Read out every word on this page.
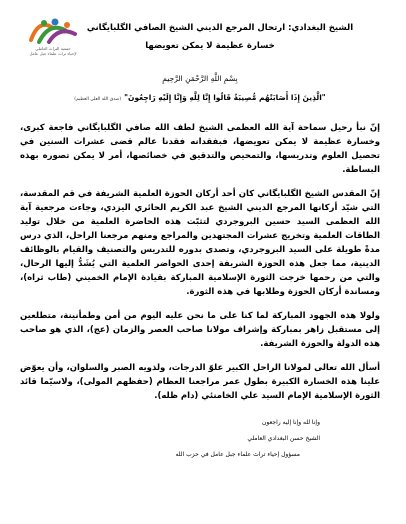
جمعية التراث العاملي
لإحياء تراث علماء جبل عامل
الشيخ البغدادي: ارتحال المرجع الديني الشيخ الصافي الگلبايگاني
خسارة عظيمة لا يمكن تعويضها
بِسْمِ اللَّهِ الرَّحْمَنِ الرَّحِيمِ
"الَّذِينَ إِذَا أَصَابَتْهُم مُّصِيبَةٌ قَالُوا إِنَّا لِلَّهِ وَإِنَّا إِلَيْهِ رَاجِعُونَ"(صدق الله العلي العظيم)

إنّ نبأ رحيل سماحة آية الله العظمى الشيخ لطف الله صافي الگلبايگاني فاجعة كبرى، وخسارة عظيمة لا يمكن تعويضها، فبفقدانه فقدنا عالم قضى عشرات السنين في تحصيل العلوم وتدريسها، والتمحيص والتدقيق في خصائصها، أمر لا يمكن تصوره بهذه البساطة.

إنّ المقدس الشيخ الگلبايگاني كان أحد أركان الحوزة العلمية الشريفة في قم المقدسة، التي شيّد أركانها المرجع الديني الشيخ عبد الكريم الحائري اليزدي، وجاءت مرجعية آية الله العظمى السيد حسين البروجردي لتثبّت هذه الحاضرة العلمية من خلال توليد الطاقات العلمية وتخريج عشرات المجتهدين والمراجع ومنهم مرجعنا الراحل، الذي درس مدةً طويلة على السيد البروجردي، وتصدى بدوره للتدريس والتصنيف والقيام بالوظائف الدينية، مما جعل هذه الحوزة الشريفة إحدى الحواضر العلمية التي يُشَدُّ إليها الرحال، والتي من رحمها خرجت الثورة الإسلامية المباركة بقيادة الإمام الخميني (طاب ثراه)، ومساندة أركان الحوزة وطلابها في هذه الثورة.

ولولا هذه الجهود المباركة لما كنا على ما نحن عليه اليوم من أمن وطمأنينة، متطلعين إلى مستقبل زاهر بمباركة وإشراف مولانا صاحب العصر والزمان (عج)، الذي هو صاحب هذه الدولة والحوزة الشريفة.

أسأل الله تعالى لمولانا الراحل الكبير علوّ الدرجات، ولذويه الصبر والسلوان، وأن يعوّض علينا هذه الخسارة الكبيرة بطول عمر مراجعنا العظام (حفظهم المولى)، ولاسيّما قائد الثورة الإسلامية الإمام السيد علي الخامنئي (دام ظله).

وإنا لله وإنا إليه راجعون
الشيخ حسن البغدادي العاملي
مسؤول إحياء تراث علماء جبل عامل في حزب الله
